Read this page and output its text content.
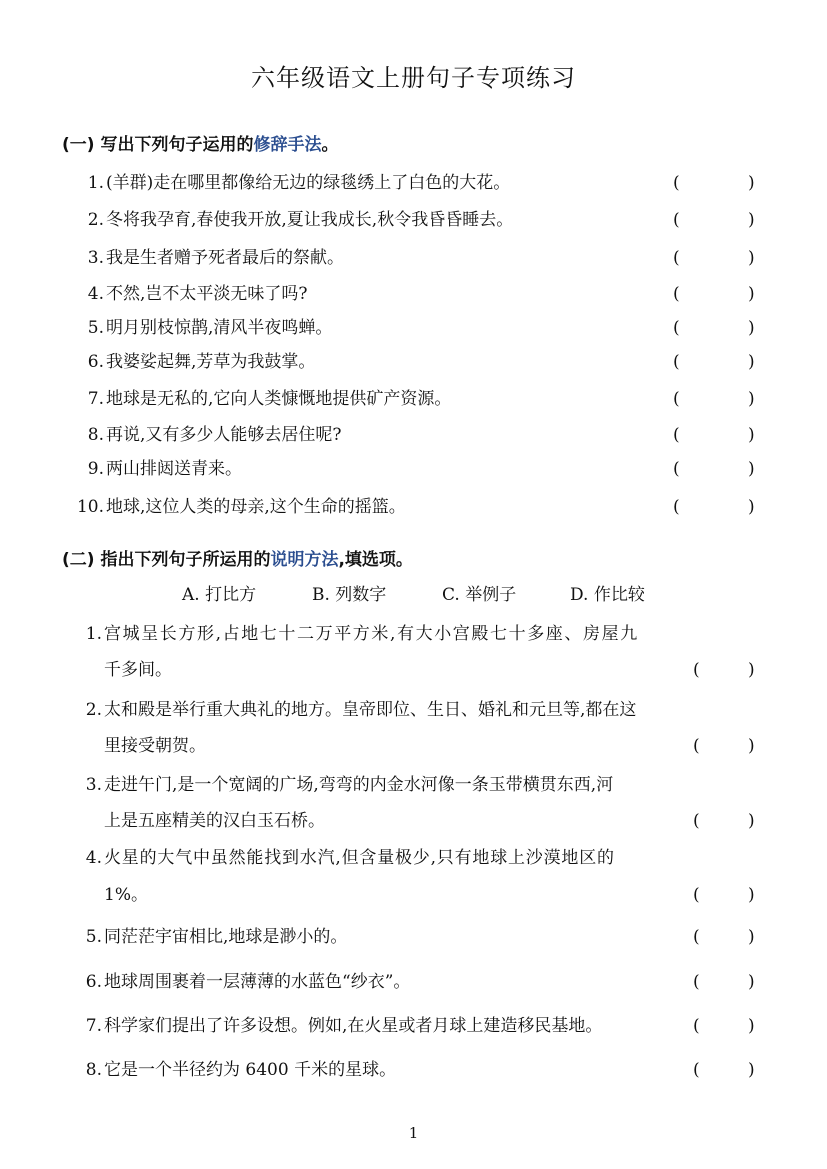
六年级语文上册句子专项练习
(一) 写出下列句子运用的修辞手法。
1. (羊群)走在哪里都像给无边的绿毯绣上了白色的大花。	(	)
2. 冬将我孕育,春使我开放,夏让我成长,秋令我昏昏睡去。	(	)
3. 我是生者赠予死者最后的祭献。	(	)
4. 不然,岂不太平淡无味了吗?	(	)
5. 明月别枝惊鹊,清风半夜鸣蝉。	(	)
6. 我婆娑起舞,芳草为我鼓掌。	(	)
7. 地球是无私的,它向人类慷慨地提供矿产资源。	(	)
8. 再说,又有多少人能够去居住呢?	(	)
9. 两山排闼送青来。	(	)
10. 地球,这位人类的母亲,这个生命的摇篮。	(	)
(二) 指出下列句子所运用的说明方法,填选项。
A. 打比方	B. 列数字	C. 举例子	D. 作比较
1. 宫城呈长方形,占地七十二万平方米,有大小宫殿七十多座、房屋九
千多间。	(	)
2. 太和殿是举行重大典礼的地方。皇帝即位、生日、婚礼和元旦等,都在这
里接受朝贺。	(	)
3. 走进午门,是一个宽阔的广场,弯弯的内金水河像一条玉带横贯东西,河
上是五座精美的汉白玉石桥。	(	)
4. 火星的大气中虽然能找到水汽,但含量极少,只有地球上沙漠地区的
1%。	(	)
5. 同茫茫宇宙相比,地球是渺小的。	(	)
6. 地球周围裹着一层薄薄的水蓝色“纱衣”。	(	)
7. 科学家们提出了许多设想。例如,在火星或者月球上建造移民基地。	(	)
8. 它是一个半径约为 6400 千米的星球。	(	)
1
